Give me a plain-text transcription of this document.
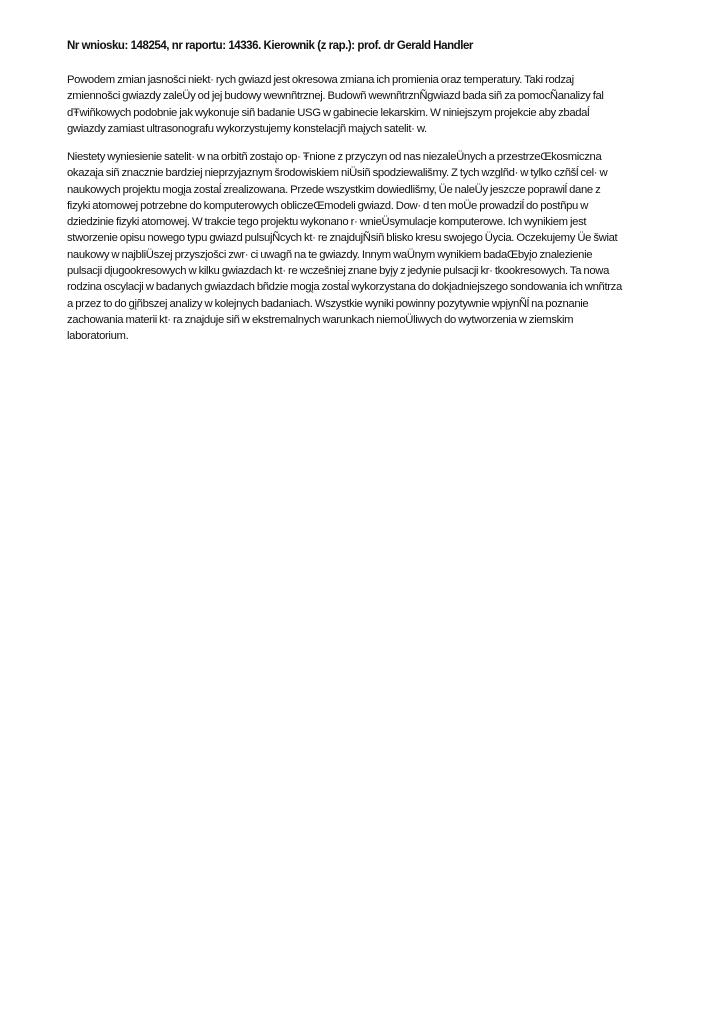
Nr wniosku: 148254, nr raportu: 14336. Kierownik (z rap.): prof. dr Gerald Handler

Powodem zmian jasnošci niekt· rych gwiazd jest okresowa zmiana ich promienia oraz temperatury. Taki rodzaj
zmiennošci gwiazdy zaleÜy od jej budowy wewnñtrznej. Budowñ wewnñtrznÑgwiazd bada siñ za pomocÑanalizy fal
dŦwiñkowych podobnie jak wykonuje siñ badanie USG w gabinecie lekarskim. W niniejszym projekcie aby zbadaĺ
gwiazdy zamiast ultrasonografu wykorzystujemy konstelacjñ maįych satelit· w.

Niestety wyniesienie satelit· w na orbitñ zostaįo op· Ŧnione z przyczyn od nas niezaleÜnych a przestrzeŒkosmiczna
okazaįa siñ znacznie bardziej nieprzyjaznym šrodowiskiem niÜsiñ spodziewališmy. Z tych wzglñd· w tylko czñšĺ cel· w
naukowych projektu mogįa zostaĺ zrealizowana. Przede wszystkim dowiedlišmy, Üe naleÜy jeszcze poprawiĺ dane z
fizyki atomowej potrzebne do komputerowych obliczeŒmodeli gwiazd. Dow· d ten moÜe prowadziĺ do postñpu w
dziedzinie fizyki atomowej. W trakcie tego projektu wykonano r· wnieÜsymulacje komputerowe. Ich wynikiem jest
stworzenie opisu nowego typu gwiazd pulsujÑcych kt· re znajdujÑsiñ blisko kresu swojego Üycia. Oczekujemy Üe šwiat
naukowy w najbliÜszej przyszįošci zwr· ci uwagñ na te gwiazdy. Innym waÜnym wynikiem badaŒbyįo znalezienie
pulsacji dįugookresowych w kilku gwiazdach kt· re wczešniej znane byįy z jedynie pulsacji kr· tkookresowych. Ta nowa
rodzina oscylacji w badanych gwiazdach bñdzie mogįa zostaĺ wykorzystana do dokįadniejszego sondowania ich wnñtrza
a przez to do gįñbszej analizy w kolejnych badaniach. Wszystkie wyniki powinny pozytywnie wpįynÑĺ na poznanie
zachowania materii kt· ra znajduje siñ w ekstremalnych warunkach niemoÜliwych do wytworzenia w ziemskim
laboratorium.
